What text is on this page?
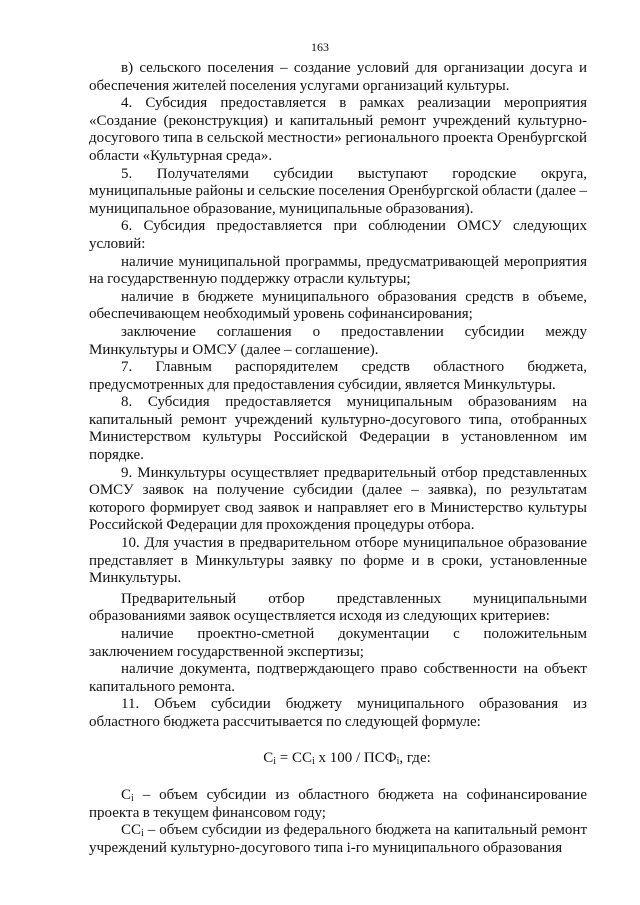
163

в) сельского поселения – создание условий для организации досуга и обеспечения жителей поселения услугами организаций культуры.

4. Субсидия предоставляется в рамках реализации мероприятия «Создание (реконструкция) и капитальный ремонт учреждений культурно-досугового типа в сельской местности» регионального проекта Оренбургской области «Культурная среда».

5. Получателями субсидии выступают городские округа, муниципальные районы и сельские поселения Оренбургской области (далее – муниципальное образование, муниципальные образования).

6. Субсидия предоставляется при соблюдении ОМСУ следующих условий:

наличие муниципальной программы, предусматривающей мероприятия на государственную поддержку отрасли культуры;

наличие в бюджете муниципального образования средств в объеме, обеспечивающем необходимый уровень софинансирования;

заключение соглашения о предоставлении субсидии между Минкультуры и ОМСУ (далее – соглашение).

7. Главным распорядителем средств областного бюджета, предусмотренных для предоставления субсидии, является Минкультуры.

8. Субсидия предоставляется муниципальным образованиям на капитальный ремонт учреждений культурно-досугового типа, отобранных Министерством культуры Российской Федерации в установленном им порядке.

9. Минкультуры осуществляет предварительный отбор представленных ОМСУ заявок на получение субсидии (далее – заявка), по результатам которого формирует свод заявок и направляет его в Министерство культуры Российской Федерации для прохождения процедуры отбора.

10. Для участия в предварительном отборе муниципальное образование представляет в Минкультуры заявку по форме и в сроки, установленные Минкультуры.

Предварительный отбор представленных муниципальными образованиями заявок осуществляется исходя из следующих критериев:

наличие проектно-сметной документации с положительным заключением государственной экспертизы;

наличие документа, подтверждающего право собственности на объект капитального ремонта.

11. Объем субсидии бюджету муниципального образования из областного бюджета рассчитывается по следующей формуле:

$С_i = СС_i$ х $100 / ПСФ_i$, где:

$С_i$ – объем субсидии из областного бюджета на софинансирование проекта в текущем финансовом году;

$СС_i$ – объем субсидии из федерального бюджета на капитальный ремонт учреждений культурно-досугового типа i-го муниципального образования
